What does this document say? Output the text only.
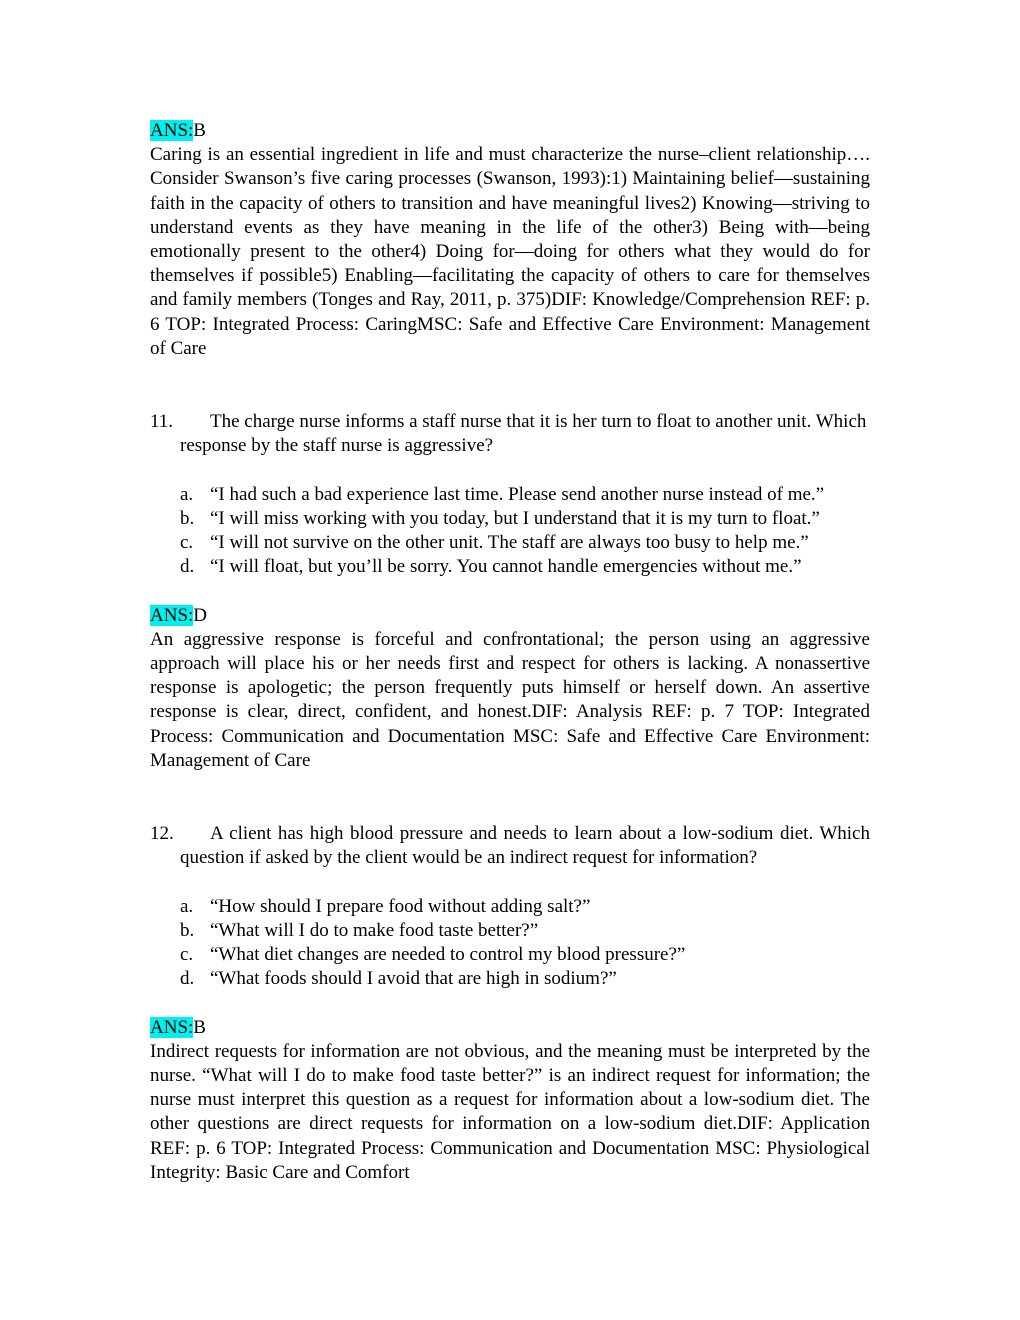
ANS:B

Caring is an essential ingredient in life and must characterize the nurse–client relationship…. Consider Swanson’s five caring processes (Swanson, 1993):1) Maintaining belief—sustaining faith in the capacity of others to transition and have meaningful lives2) Knowing—striving to understand events as they have meaning in the life of the other3) Being with—being emotionally present to the other4) Doing for—doing for others what they would do for themselves if possible5) Enabling—facilitating the capacity of others to care for themselves and family members (Tonges and Ray, 2011, p. 375)DIF: Knowledge/Comprehension REF: p. 6 TOP: Integrated Process: CaringMSC: Safe and Effective Care Environment: Management of Care

11.	The charge nurse informs a staff nurse that it is her turn to float to another unit. Which response by the staff nurse is aggressive?

a. “I had such a bad experience last time. Please send another nurse instead of me.”
b. “I will miss working with you today, but I understand that it is my turn to float.”
c. “I will not survive on the other unit. The staff are always too busy to help me.”
d. “I will float, but you’ll be sorry. You cannot handle emergencies without me.”

ANS:D

An aggressive response is forceful and confrontational; the person using an aggressive approach will place his or her needs first and respect for others is lacking. A nonassertive response is apologetic; the person frequently puts himself or herself down. An assertive response is clear, direct, confident, and honest.DIF: Analysis REF: p. 7 TOP: Integrated Process: Communication and Documentation MSC: Safe and Effective Care Environment: Management of Care

12.	A client has high blood pressure and needs to learn about a low-sodium diet. Which question if asked by the client would be an indirect request for information?

a. “How should I prepare food without adding salt?”
b. “What will I do to make food taste better?”
c. “What diet changes are needed to control my blood pressure?”
d. “What foods should I avoid that are high in sodium?”

ANS:B

Indirect requests for information are not obvious, and the meaning must be interpreted by the nurse. “What will I do to make food taste better?” is an indirect request for information; the nurse must interpret this question as a request for information about a low-sodium diet. The other questions are direct requests for information on a low-sodium diet.DIF: Application REF: p. 6 TOP: Integrated Process: Communication and Documentation MSC: Physiological Integrity: Basic Care and Comfort
